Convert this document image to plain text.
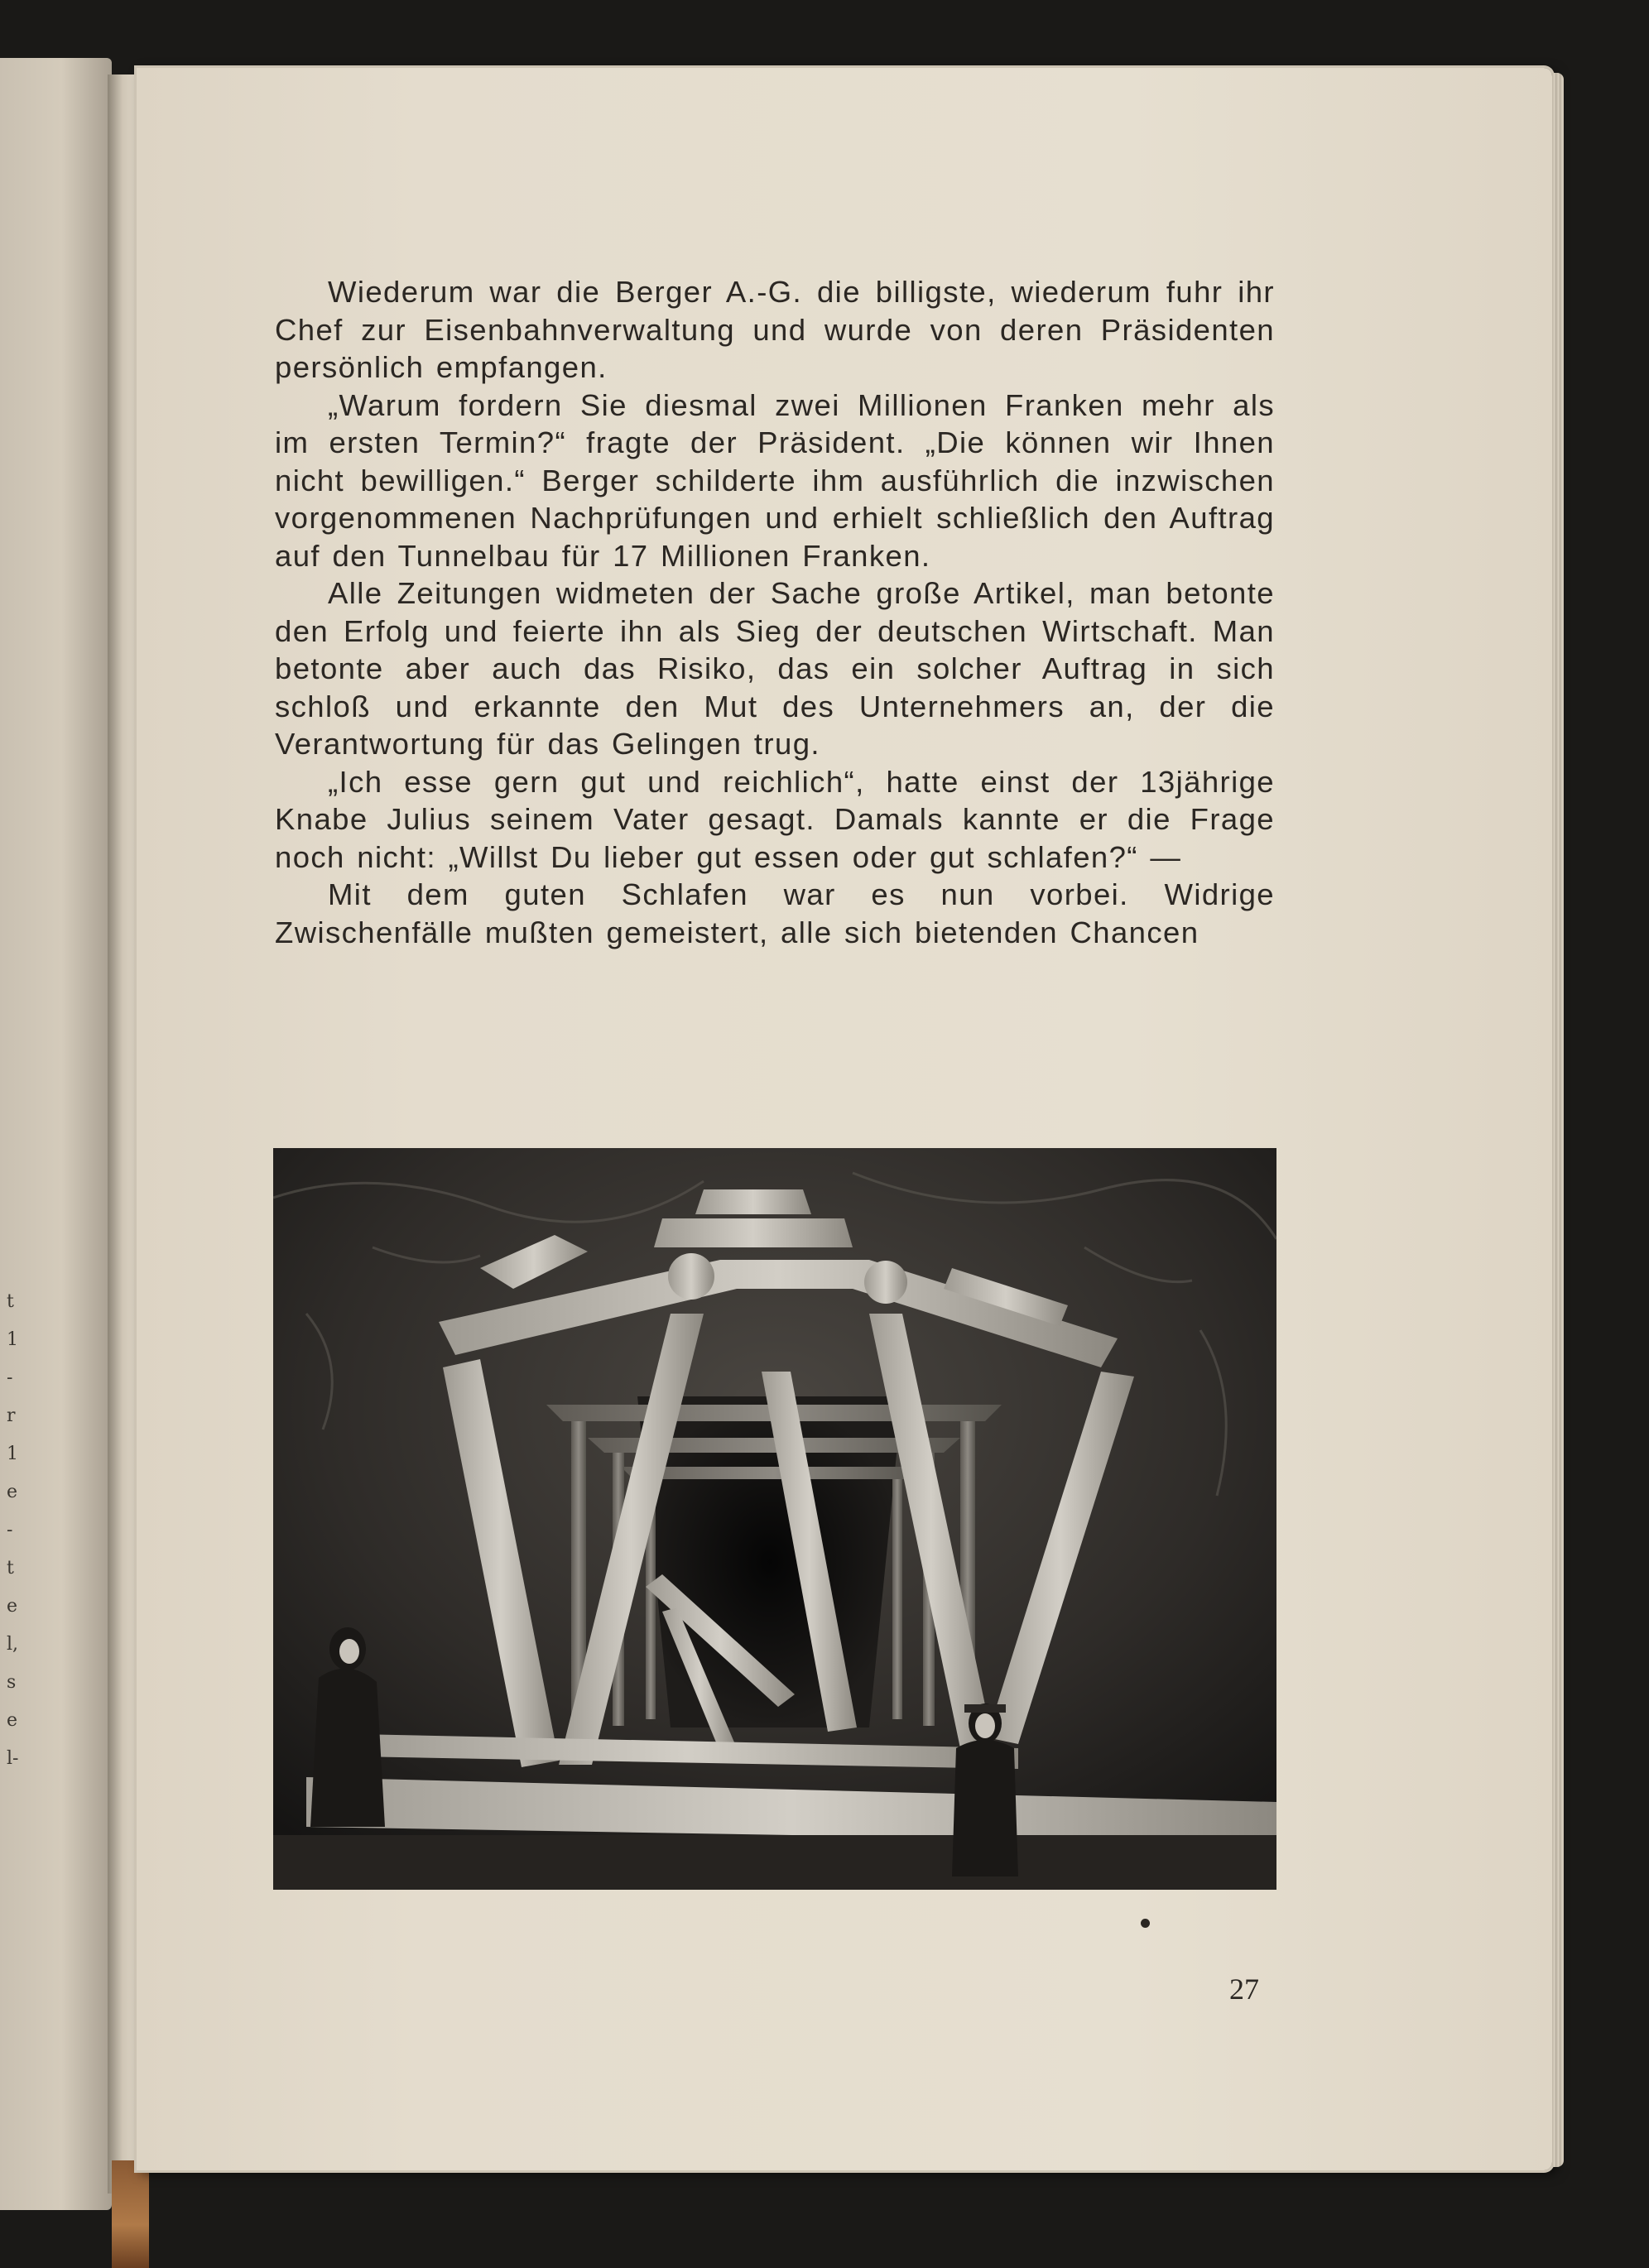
t
1
-
r
1
e
-
t
e
l,
s
e
l-

Wiederum war die Berger A.-G. die billigste, wiederum fuhr ihr Chef zur Eisenbahnverwaltung und wurde von deren Präsidenten persönlich empfangen.

„Warum fordern Sie diesmal zwei Millionen Franken mehr als im ersten Termin?“ fragte der Präsident. „Die können wir Ihnen nicht bewilligen.“ Berger schilderte ihm ausführlich die inzwischen vorgenommenen Nachprüfungen und erhielt schließlich den Auftrag auf den Tunnelbau für 17 Millionen Franken.

Alle Zeitungen widmeten der Sache große Artikel, man betonte den Erfolg und feierte ihn als Sieg der deutschen Wirtschaft. Man betonte aber auch das Risiko, das ein solcher Auftrag in sich schloß und erkannte den Mut des Unternehmers an, der die Verantwortung für das Gelingen trug.

„Ich esse gern gut und reichlich“, hatte einst der 13jährige Knabe Julius seinem Vater gesagt. Damals kannte er die Frage noch nicht: „Willst Du lieber gut essen oder gut schlafen?“ —

Mit dem guten Schlafen war es nun vorbei. Widrige Zwischenfälle mußten gemeistert, alle sich bietenden Chancen

27
